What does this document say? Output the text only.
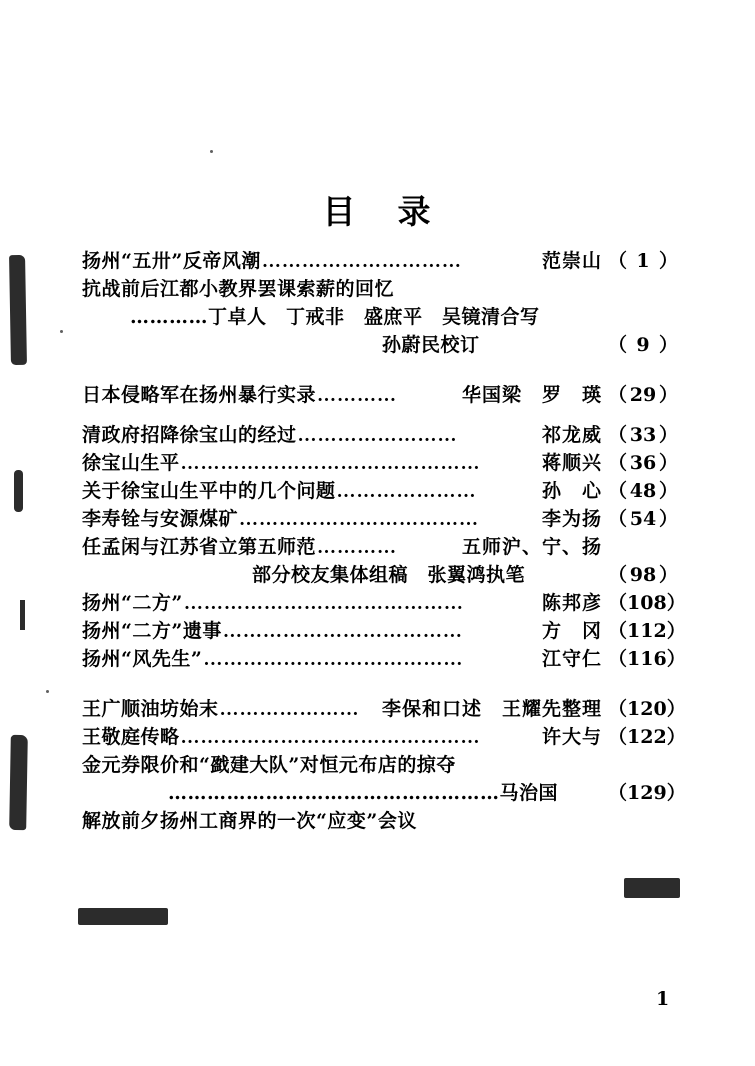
目 录
扬州“五卅”反帝风潮 …………………………	范崇山 （ 1 ）
抗战前后江都小教界罢课索薪的回忆
…………丁卓人　丁戒非　盛庶平　吴镜清合写
孙蔚民校订	（ 9 ）
日本侵略军在扬州暴行实录 …………	华国梁　罗　瑛 （ 29 ）
清政府招降徐宝山的经过 ……………………	祁龙威 （ 33 ）
徐宝山生平 ………………………………………	蒋顺兴 （ 36 ）
关于徐宝山生平中的几个问题 …………………	孙　心 （ 48 ）
李寿铨与安源煤矿 ………………………………	李为扬 （ 54 ）
任孟闲与江苏省立第五师范 …………	五师沪、宁、扬
部分校友集体组稿　张翼鸿执笔	（ 98 ）
扬州“二方” ……………………………………	陈邦彦 （108）
扬州“二方”遗事 ………………………………	方　冈 （112）
扬州“风先生” …………………………………	江守仁 （116）
王广顺油坊始末 …………………	李保和口述　王耀先整理 （120）
王敬庭传略 ………………………………………	许大与 （122）
金元券限价和“戤建大队”对恒元布店的掠夺
……………………………………………马治国	（129）
解放前夕扬州工商界的一次“应变”会议
1
